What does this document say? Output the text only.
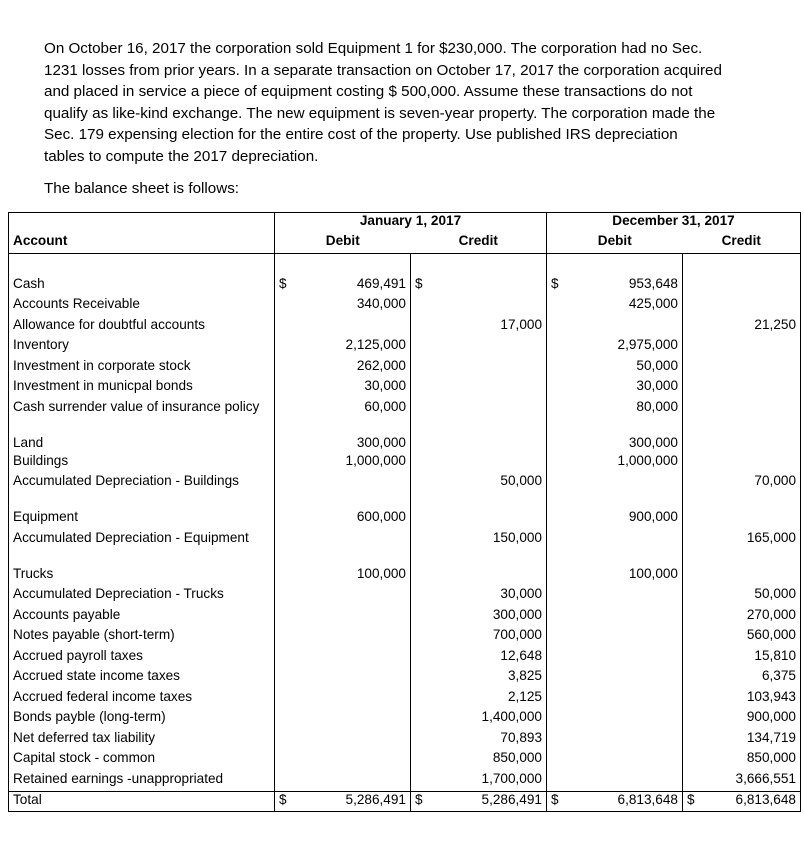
On October 16, 2017 the corporation sold Equipment 1 for $230,000. The corporation had no Sec.

1231 losses from prior years. In a separate transaction on October 17, 2017 the corporation acquired

and placed in service a piece of equipment costing $ 500,000. Assume these transactions do not

qualify as like-kind exchange. The new equipment is seven-year property. The corporation made the

Sec. 179 expensing election for the entire cost of the property. Use published IRS depreciation

tables to compute the 2017 depreciation.

The balance sheet is follows:
	January 1, 2017		December 31, 2017	
Account	Debit	Credit	Debit	Credit

Cash	$ 469,491	$	$ 953,648	
Accounts Receivable	340,000		425,000	
Allowance for doubtful accounts		17,000		21,250
Inventory	2,125,000		2,975,000	
Investment in corporate stock	262,000		50,000	
Investment in municpal bonds	30,000		30,000	
Cash surrender value of insurance policy	60,000		80,000	
Land	300,000		300,000	
Buildings	1,000,000		1,000,000	
Accumulated Depreciation - Buildings		50,000		70,000
Equipment	600,000		900,000	
Accumulated Depreciation - Equipment		150,000		165,000
Trucks	100,000		100,000	
Accumulated Depreciation - Trucks		30,000		50,000
Accounts payable		300,000		270,000
Notes payable (short-term)		700,000		560,000
Accrued payroll taxes		12,648		15,810
Accrued state income taxes		3,825		6,375
Accrued federal income taxes		2,125		103,943
Bonds payble (long-term)		1,400,000		900,000
Net deferred tax liability		70,893		134,719
Capital stock - common		850,000		850,000
Retained earnings -unappropriated		1,700,000		3,666,551
Total	$ 5,286,491	$ 5,286,491	$ 6,813,648	$ 6,813,648
